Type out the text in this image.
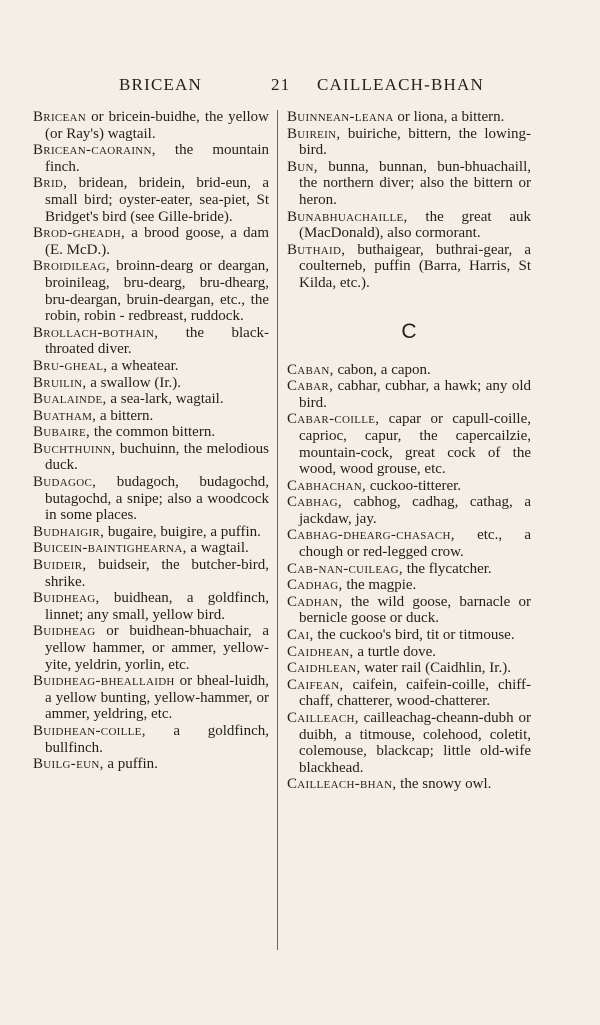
BRICEAN	21 CAILLEACH-BHAN

Bricean or bricein-buidhe, the yellow (or Ray's) wagtail.

Bricean-caorainn, the mountain finch.

Brid, bridean, bridein, brid-eun, a small bird; oyster-eater, sea-piet, St Bridget's bird (see Gille-bride).

Brod-gheadh, a brood goose, a dam (E. McD.).

Broidileag, broinn-dearg or deargan, broinileag, bru-dearg, bru-dhearg, bru-deargan, bruin-deargan, etc., the robin, robin - redbreast, ruddock.

Brollach-bothain, the black-throated diver.

Bru-gheal, a wheatear.

Bruilin, a swallow (Ir.).

Bualainde, a sea-lark, wagtail.

Buatham, a bittern.

Bubaire, the common bittern.

Buchthuinn, buchuinn, the melodious duck.

Budagoc, budagoch, budagochd, butagochd, a snipe; also a woodcock in some places.

Budhaigir, bugaire, buigire, a puffin.

Buicein-baintighearna, a wagtail.

Buideir, buidseir, the butcher-bird, shrike.

Buidheag, buidhean, a goldfinch, linnet; any small, yellow bird.

Buidheag or buidhean-bhuachair, a yellow hammer, or ammer, yellow-yite, yeldrin, yorlin, etc.

Buidheag-bheallaidh or bheal-luidh, a yellow bunting, yellow-hammer, or ammer, yeldring, etc.

Buidhean-coille, a goldfinch, bullfinch.

Builg-eun, a puffin.

Buinnean-leana or liona, a bittern.

Buirein, buiriche, bittern, the lowing-bird.

Bun, bunna, bunnan, bun-bhuachaill, the northern diver; also the bittern or heron.

Bunabhuachaille, the great auk (MacDonald), also cormorant.

Buthaid, buthaigear, buthrai-gear, a coulterneb, puffin (Barra, Harris, St Kilda, etc.).

C

Caban, cabon, a capon.

Cabar, cabhar, cubhar, a hawk; any old bird.

Cabar-coille, capar or capull-coille, caprioc, capur, the capercailzie, mountain-cock, great cock of the wood, wood grouse, etc.

Cabhachan, cuckoo-titterer.

Cabhag, cabhog, cadhag, cathag, a jackdaw, jay.

Cabhag-dhearg-chasach, etc., a chough or red-legged crow.

Cab-nan-cuileag, the flycatcher.

Cadhag, the magpie.

Cadhan, the wild goose, barnacle or bernicle goose or duck.

Cai, the cuckoo's bird, tit or titmouse.

Caidhean, a turtle dove.

Caidhlean, water rail (Caidhlin, Ir.).

Caifean, caifein, caifein-coille, chiff-chaff, chatterer, wood-chatterer.

Cailleach, cailleachag-cheann-dubh or duibh, a titmouse, colehood, coletit, colemouse, blackcap; little old-wife blackhead.

Cailleach-bhan, the snowy owl.
